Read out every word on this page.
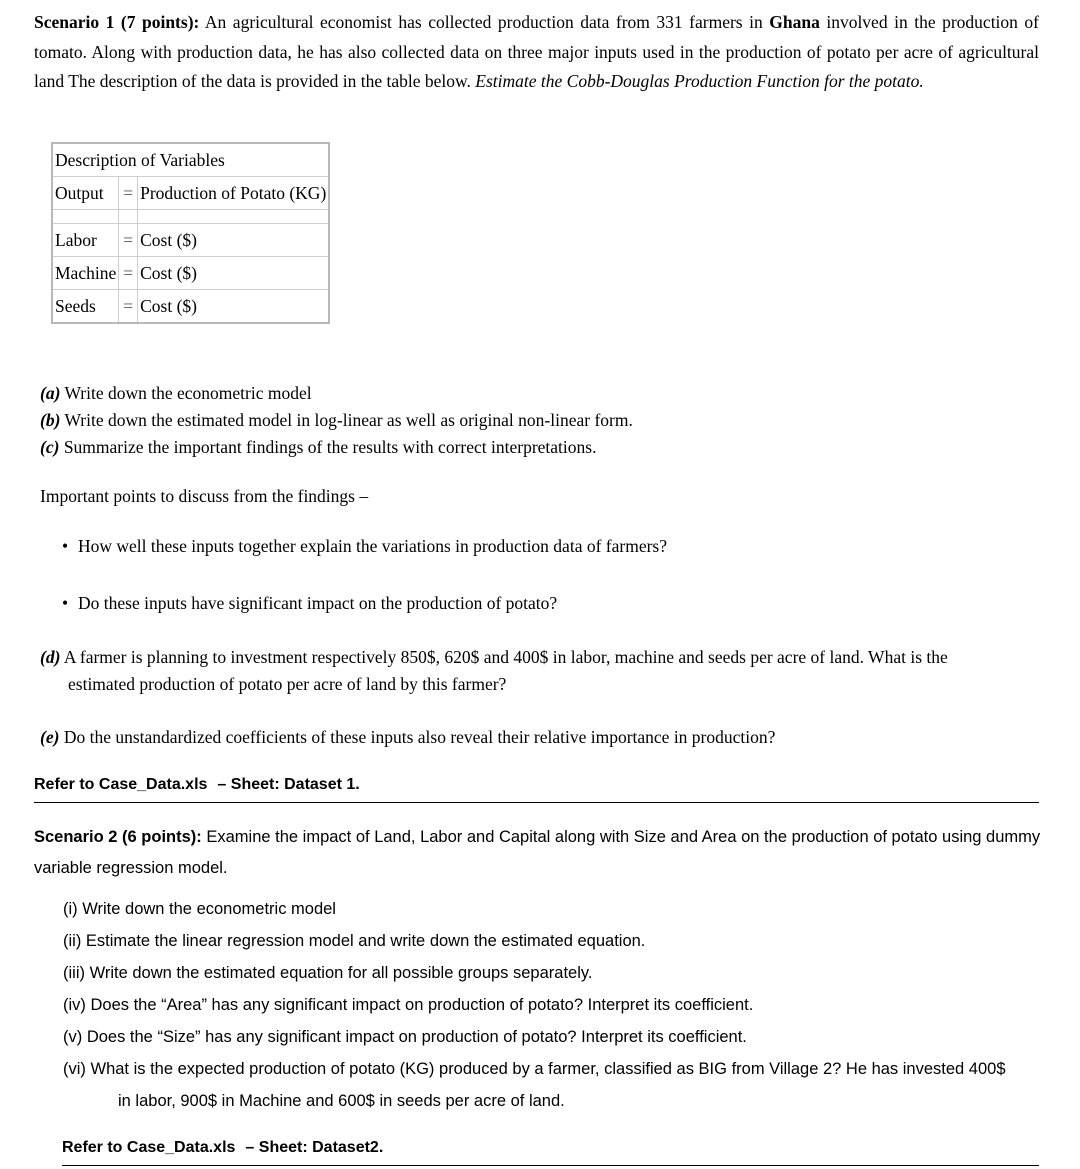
Scenario 1 (7 points): An agricultural economist has collected production data from 331 farmers in Ghana involved in the production of tomato. Along with production data, he has also collected data on three major inputs used in the production of potato per acre of agricultural land The description of the data is provided in the table below. Estimate the Cobb-Douglas Production Function for the potato.
Description of Variables		
Output	=	Production of Potato (KG)

Labor	=	Cost ($)
Machine	=	Cost ($)
Seeds	=	Cost ($)
(a) Write down the econometric model
(b) Write down the estimated model in log-linear as well as original non-linear form.
(c) Summarize the important findings of the results with correct interpretations.
Important points to discuss from the findings –
• How well these inputs together explain the variations in production data of farmers?
• Do these inputs have significant impact on the production of potato?
(d) A farmer is planning to investment respectively 850$, 620$ and 400$ in labor, machine and seeds per acre of land. What is the
estimated production of potato per acre of land by this farmer?
(e) Do the unstandardized coefficients of these inputs also reveal their relative importance in production?
Refer to Case_Data.xls – Sheet: Dataset 1.
Scenario 2 (6 points): Examine the impact of Land, Labor and Capital along with Size and Area on the production of potato using dummy variable regression model.
(i) Write down the econometric model
(ii) Estimate the linear regression model and write down the estimated equation.
(iii) Write down the estimated equation for all possible groups separately.
(iv) Does the “Area” has any significant impact on production of potato? Interpret its coefficient.
(v) Does the “Size” has any significant impact on production of potato? Interpret its coefficient.
(vi) What is the expected production of potato (KG) produced by a farmer, classified as BIG from Village 2? He has invested 400$
in labor, 900$ in Machine and 600$ in seeds per acre of land.
Refer to Case_Data.xls – Sheet: Dataset2.
